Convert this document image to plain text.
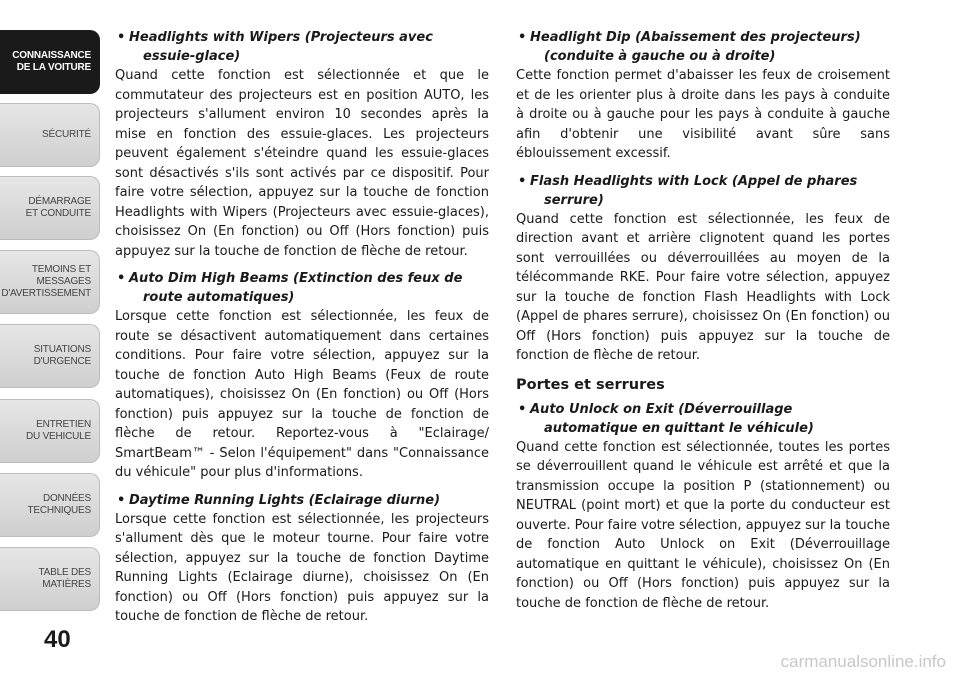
CONNAISSANCE
DE LA VOITURE
SÉCURITÉ
DÉMARRAGE
ET CONDUITE
TEMOINS ET
MESSAGES
D'AVERTISSEMENT
SITUATIONS
D'URGENCE
ENTRETIEN
DU VEHICULE
DONNÉES
TECHNIQUES
TABLE DES
MATIÈRES
40
• Headlights with Wipers (Projecteurs avec
essuie-glace)

Quand cette fonction est sélectionnée et que le commutateur des projecteurs est en position AUTO, les projecteurs s'allument environ 10 secondes après la mise en fonction des essuie-glaces. Les projecteurs peuvent également s'éteindre quand les essuie-glaces sont désactivés s'ils sont activés par ce dispositif. Pour faire votre sélection, appuyez sur la touche de fonction Headlights with Wipers (Projecteurs avec essuie-glaces), choisissez On (En fonction) ou Off (Hors fonction) puis appuyez sur la touche de fonction de flèche de retour.

• Auto Dim High Beams (Extinction des feux de
route automatiques)

Lorsque cette fonction est sélectionnée, les feux de route se désactivent automatiquement dans certaines conditions. Pour faire votre sélection, appuyez sur la touche de fonction Auto High Beams (Feux de route automatiques), choisissez On (En fonction) ou Off (Hors fonction) puis appuyez sur la touche de fonction de flèche de retour. Reportez-vous à "Eclairage/ SmartBeam™ - Selon l'équipement" dans "Connaissance du véhicule" pour plus d'informations.

• Daytime Running Lights (Eclairage diurne)

Lorsque cette fonction est sélectionnée, les projecteurs s'allument dès que le moteur tourne. Pour faire votre sélection, appuyez sur la touche de fonction Daytime Running Lights (Eclairage diurne), choisissez On (En fonction) ou Off (Hors fonction) puis appuyez sur la touche de fonction de flèche de retour.

• Headlight Dip (Abaissement des projecteurs)
(conduite à gauche ou à droite)

Cette fonction permet d'abaisser les feux de croisement et de les orienter plus à droite dans les pays à conduite à droite ou à gauche pour les pays à conduite à gauche afin d'obtenir une visibilité avant sûre sans éblouissement excessif.

• Flash Headlights with Lock (Appel de phares
serrure)

Quand cette fonction est sélectionnée, les feux de direction avant et arrière clignotent quand les portes sont verrouillées ou déverrouillées au moyen de la télécommande RKE. Pour faire votre sélection, appuyez sur la touche de fonction Flash Headlights with Lock (Appel de phares serrure), choisissez On (En fonction) ou Off (Hors fonction) puis appuyez sur la touche de fonction de flèche de retour.

Portes et serrures
• Auto Unlock on Exit (Déverrouillage
automatique en quittant le véhicule)

Quand cette fonction est sélectionnée, toutes les portes se déverrouillent quand le véhicule est arrêté et que la transmission occupe la position P (stationnement) ou NEUTRAL (point mort) et que la porte du conducteur est ouverte. Pour faire votre sélection, appuyez sur la touche de fonction Auto Unlock on Exit (Déverrouillage automatique en quittant le véhicule), choisissez On (En fonction) ou Off (Hors fonction) puis appuyez sur la touche de fonction de flèche de retour.

carmanualsonline.info
